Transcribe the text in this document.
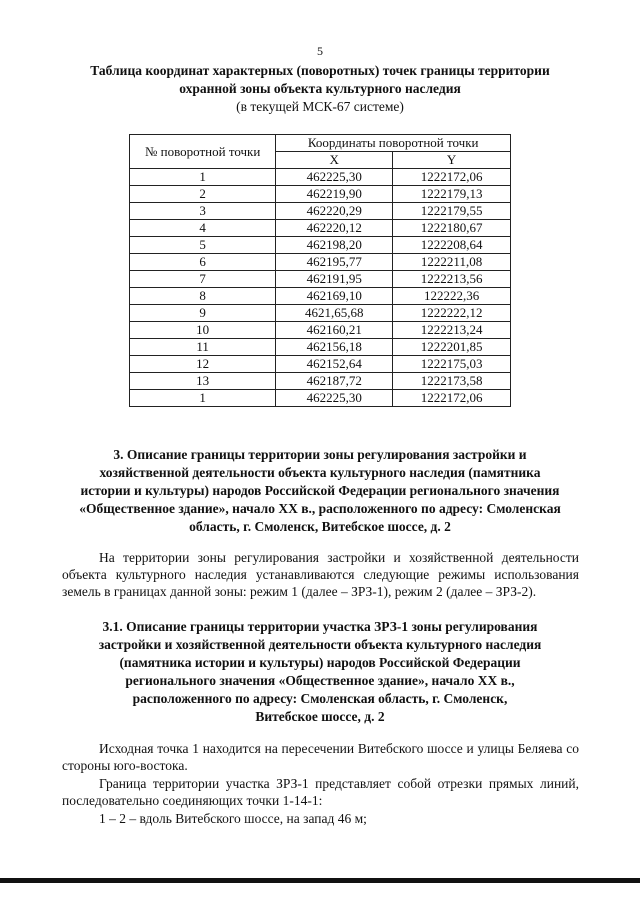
5
Таблица координат характерных (поворотных) точек границы территории
охранной зоны объекта культурного наследия
(в текущей МСК-67 системе)
№ поворотной точки	Координаты поворотной точки	
	X	Y
1	462225,30	1222172,06
2	462219,90	1222179,13
3	462220,29	1222179,55
4	462220,12	1222180,67
5	462198,20	1222208,64
6	462195,77	1222211,08
7	462191,95	1222213,56
8	462169,10	122222,36
9	4621,65,68	1222222,12
10	462160,21	1222213,24
11	462156,18	1222201,85
12	462152,64	1222175,03
13	462187,72	1222173,58
1	462225,30	1222172,06
3. Описание границы территории зоны регулирования застройки и
хозяйственной деятельности объекта культурного наследия (памятника
истории и культуры) народов Российской Федерации регионального значения
«Общественное здание», начало XX в., расположенного по адресу: Смоленская
область, г. Смоленск, Витебское шоссе, д. 2

На территории зоны регулирования застройки и хозяйственной деятельности объекта культурного наследия устанавливаются следующие режимы использования земель в границах данной зоны: режим 1 (далее – ЗРЗ-1), режим 2 (далее – ЗРЗ-2).

3.1. Описание границы территории участка ЗРЗ-1 зоны регулирования
застройки и хозяйственной деятельности объекта культурного наследия
(памятника истории и культуры) народов Российской Федерации
регионального значения «Общественное здание», начало XX в.,
расположенного по адресу: Смоленская область, г. Смоленск,
Витебское шоссе, д. 2

Исходная точка 1 находится на пересечении Витебского шоссе и улицы Беляева со стороны юго-востока.

Граница территории участка ЗРЗ-1 представляет собой отрезки прямых линий, последовательно соединяющих точки 1-14-1:

1 – 2 – вдоль Витебского шоссе, на запад 46 м;
